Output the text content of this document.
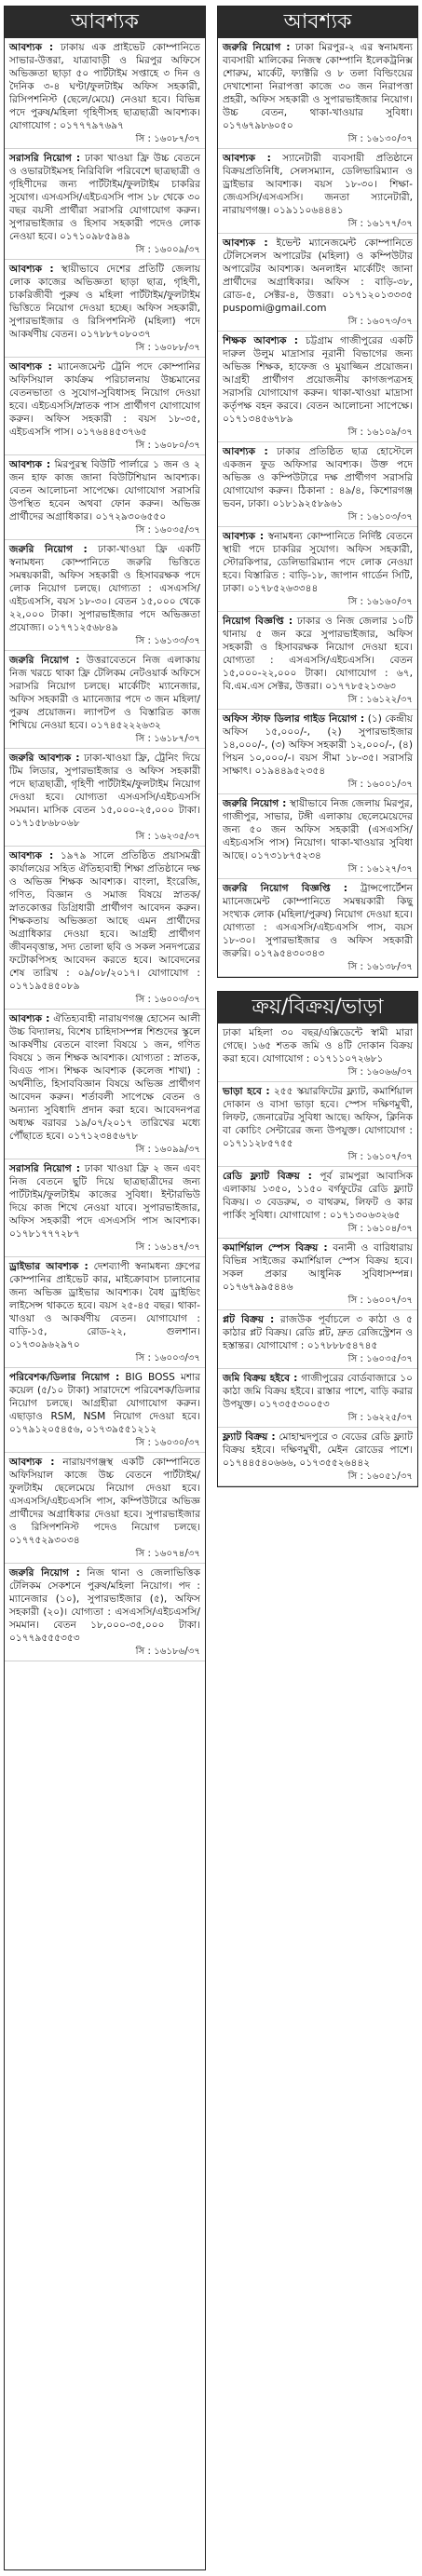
আবশ্যক
আবশ্যক : ঢাকায় এক প্রাইভেট কোম্পানিতে সাভার-উত্তরা, যাত্রাবাড়ী ও মিরপুর অফিসে অভিজ্ঞতা ছাড়া ৫০ পার্টটাইম সপ্তাহে ৩ দিন ও দৈনিক ৩-৪ ঘণ্টা/ফুলটাইম অফিস সহকারী, রিসিপশনিস্ট (ছেলে/মেয়ে) নেওয়া হবে। বিভিন্ন পদে পুরুষ/মহিলা গৃহিণীসহ ছাত্রছাত্রী আবশ্যক। যোগাযোগ : ০১৭৭৭৯৭৬৯৭
সি : ১৬০৮৭/৩৭
সরাসরি নিয়োগ : ঢাকা খাওয়া ফ্রি উচ্চ বেতনে ও ওভারটাইমসহ নিরিবিলি পরিবেশে ছাত্রছাত্রী ও গৃহিণীদের জন্য পার্টটাইম/ফুলটাইম চাকরির সুযোগ। এসএসসি/এইচএসসি পাস ১৮ থেকে ৩০ বছর বয়সী প্রার্থীরা সরাসরি যোগাযোগ করুন। সুপারভাইজার ও হিসাব সহকারী পদেও লোক নেওয়া হবে। ০১৭১০৯৮৫৯৪৯
সি : ১৬০০৯/৩৭
আবশ্যক : স্থায়ীভাবে দেশের প্রতিটি জেলায় লোক কাজের অভিজ্ঞতা ছাড়া ছাত্র, গৃহিণী, চাকরিজীবী পুরুষ ও মহিলা পার্টটাইম/ফুলটাইম ভিত্তিতে নিয়োগ দেওয়া হচ্ছে। অফিস সহকারী, সুপারভাইজার ও রিসিপশনিস্ট (মহিলা) পদে আকর্ষণীয় বেতন। ০১৭৮৮৭০৮০৩৭
সি : ১৬০৮৮/৩৭
আবশ্যক : ম্যানেজমেন্ট ট্রেনি পদে কোম্পানির অফিসিয়াল কার্যক্রম পরিচালনায় উচ্চমানের বেতনভাতা ও সুযোগ-সুবিধাসহ নিয়োগ দেওয়া হবে। এইচএসসি/স্নাতক পাস প্রার্থীগণ যোগাযোগ করুন। অফিস সহকারী : বয়স ১৮-৩৫, এইচএসসি পাস। ০১৭৬৪৪৫৩৭৬৫
সি : ১৬০৮০/৩৭
আবশ্যক : মিরপুরস্থ বিউটি পার্লারে ১ জন ও ২ জন হাফ কাজ জানা বিউটিশিয়ান আবশ্যক। বেতন আলোচনা সাপেক্ষে। যোগাযোগ সরাসরি উপস্থিত হবেন অথবা ফোন করুন। অভিজ্ঞ প্রার্থীদের অগ্রাধিকার। ০১৭২৯৩০৬৫৫০
সি : ১৬০৩৫/৩৭
জরুরি নিয়োগ : ঢাকা-খাওয়া ফ্রি একটি স্বনামধন্য কোম্পানিতে জরুরি ভিত্তিতে সমন্বয়কারী, অফিস সহকারী ও হিসাবরক্ষক পদে লোক নিয়োগ চলছে। যোগ্যতা : এসএসসি/এইচএসসি, বয়স ১৮-৩০। বেতন ১৫,০০০ থেকে ২২,০০০ টাকা। সুপারভাইজার পদে অভিজ্ঞতা প্রযোজ্য। ০১৭৭১২৫৬৮৪৯
সি : ১৬১৩৩/৩৭
জরুরি নিয়োগ : উত্তরাবেতনে নিজ এলাকায় নিজ খরচে থাকা ফ্রি টেলিকম নেটওয়ার্ক অফিসে সরাসরি নিয়োগ চলছে। মার্কেটিং ম্যানেজার, অফিস সহকারী ও ম্যানেজার পদে ৩ জন মহিলা/পুরুষ প্রয়োজন। ল্যাপটপ ও বিস্তারিত কাজ শিখিয়ে নেওয়া হবে। ০১৭৪৫২২২৬৩২
সি : ১৬১৮৭/৩৭
জরুরি আবশ্যক : ঢাকা-খাওয়া ফ্রি, ট্রেনিং দিয়ে টিম লিডার, সুপারভাইজার ও অফিস সহকারী পদে ছাত্রছাত্রী, গৃহিণী পার্টটাইম/ফুলটাইম নিয়োগ দেওয়া হবে। যোগ্যতা এসএসসি/এইচএসসি সমমান। মাসিক বেতন ১৫,০০০-২৫,০০০ টাকা। ০১৭১৫৮৬৮০৬৮
সি : ১৬২৩৫/৩৭
আবশ্যক : ১৯৭৯ সালে প্রতিষ্ঠিত প্রয়াসমন্ত্রী কার্যালয়ের সহিত ঐতিহ্যবাহী শিক্ষা প্রতিষ্ঠানে দক্ষ ও অভিজ্ঞ শিক্ষক আবশ্যক। বাংলা, ইংরেজি, গণিত, বিজ্ঞান ও সমাজ বিষয়ে স্নাতক/স্নাতকোত্তর ডিগ্রিধারী প্রার্থীগণ আবেদন করুন। শিক্ষকতায় অভিজ্ঞতা আছে এমন প্রার্থীদের অগ্রাধিকার দেওয়া হবে। আগ্রহী প্রার্থীগণ জীবনবৃত্তান্ত, সদ্য তোলা ছবি ও সকল সনদপত্রের ফটোকপিসহ আবেদন করতে হবে। আবেদনের শেষ তারিখ : ০৯/০৮/২০১৭। যোগাযোগ : ০১৭১৯৫৪৫০৮৯
সি : ১৬০০৩/৩৭
আবশ্যক : ঐতিহ্যবাহী নারায়ণগঞ্জ হোসেন আলী উচ্চ বিদ্যালয়, বিশেষ চাহিদাসম্পন্ন শিশুদের স্কুলে আকর্ষণীয় বেতনে বাংলা বিষয়ে ১ জন, গণিত বিষয়ে ১ জন শিক্ষক আবশ্যক। যোগ্যতা : স্নাতক, বিএড পাস। শিক্ষক আবশ্যক (কলেজ শাখা) : অর্থনীতি, হিসাববিজ্ঞান বিষয়ে অভিজ্ঞ প্রার্থীগণ আবেদন করুন। শর্তাবলী সাপেক্ষে বেতন ও অন্যান্য সুবিধাদি প্রদান করা হবে। আবেদনপত্র অধ্যক্ষ বরাবর ১৯/০৭/২০১৭ তারিখের মধ্যে পৌঁছাতে হবে। ০১৭১২৩৪৫৬৭৮
সি : ১৬০৯৯/৩৭
সরাসরি নিয়োগ : ঢাকা খাওয়া ফ্রি ২ জন এবং নিজ বেতনে ছুটি দিয়ে ছাত্রছাত্রীদের জন্য পার্টটাইম/ফুলটাইম কাজের সুবিধা। ইন্টারভিউ দিয়ে কাজ শিখে নেওয়া যাবে। সুপারভাইজার, অফিস সহকারী পদে এসএসসি পাস আবশ্যক। ০১৭৮১৭৭৭২৮৭
সি : ১৬১৪৭/৩৭
ড্রাইভার আবশ্যক : দেশব্যাপী স্বনামধন্য গ্রুপের কোম্পানির প্রাইভেট কার, মাইক্রোবাস চালানোর জন্য অভিজ্ঞ ড্রাইভার আবশ্যক। বৈধ ড্রাইভিং লাইসেন্স থাকতে হবে। বয়স ২৫-৪৫ বছর। থাকা-খাওয়া ও আকর্ষণীয় বেতন। যোগাযোগ : বাড়ি-১৫, রোড-২২, গুলশান। ০১৭৩০৯৬২৯৭০
সি : ১৬০০৩/৩৭
পরিবেশক/ডিলার নিয়োগ : BIG BOSS মশার কয়েল (৫/১০ টাকা) সারাদেশে পরিবেশক/ডিলার নিয়োগ চলছে। আগ্রহীরা যোগাযোগ করুন। এছাড়াও RSM, NSM নিয়োগ দেওয়া হবে। ০১৭৯১২০৫৪৫৬, ০১৭৩৯৫৫১২১২
সি : ১৬০৩০/৩৭
আবশ্যক : নারায়ণগঞ্জস্থ একটি কোম্পানিতে অফিসিয়াল কাজে উচ্চ বেতনে পার্টটাইম/ফুলটাইম ছেলেমেয়ে নিয়োগ দেওয়া হবে। এসএসসি/এইচএসসি পাস, কম্পিউটারে অভিজ্ঞ প্রার্থীদের অগ্রাধিকার দেওয়া হবে। সুপারভাইজার ও রিসিপশনিস্ট পদেও নিয়োগ চলছে। ০১৭৭৫২৯৩০৩৪
সি : ১৬০৭৪/৩৭
জরুরি নিয়োগ : নিজ থানা ও জেলাভিত্তিক টেলিকম সেকশনে পুরুষ/মহিলা নিয়োগ। পদ : ম্যানেজার (১০), সুপারভাইজার (৫), অফিস সহকারী (২০)। যোগ্যতা : এসএসসি/এইচএসসি/সমমান। বেতন ১৮,০০০-৩৫,০০০ টাকা। ০১৭৭৯৫৫৫৩৫৩
সি : ১৬১৮৬/৩৭
আবশ্যক
জরুরি নিয়োগ : ঢাকা মিরপুর-২ এর স্বনামধন্য ব্যবসায়ী মালিকের নিজস্ব কোম্পানি ইলেকট্রনিক্স শোরুম, মার্কেট, ফ্যাক্টরি ও ৮ তলা বিল্ডিংয়ের দেখাশোনা নিরাপত্তা কাজে ৩০ জন নিরাপত্তা প্রহরী, অফিস সহকারী ও সুপারভাইজার নিয়োগ। উচ্চ বেতন, থাকা-খাওয়ার সুবিধা। ০১৭৬৭৯৮৬০৫০
সি : ১৬১৩০/৩৭
আবশ্যক : স্যানেটারী ব্যবসায়ী প্রতিষ্ঠানে বিক্রয়প্রতিনিধি, সেলসম্যান, ডেলিভারিম্যান ও ড্রাইভার আবশ্যক। বয়স ১৮-৩০। শিক্ষা-জেএসসি/এসএসসি। জনতা স্যানেটারী, নারায়ণগঞ্জ। ০১৯১১০৬৪৪৪১
সি : ১৬১৭৭/৩৭
আবশ্যক : ইভেন্ট ম্যানেজমেন্ট কোম্পানিতে টেলিসেলস অপারেটর (মহিলা) ও কম্পিউটার অপারেটর আবশ্যক। অনলাইন মার্কেটিং জানা প্রার্থীদের অগ্রাধিকার। অফিস : বাড়ি-৩৮, রোড-৫, সেক্টর-৪, উত্তরা। ০১৭১২০১৩৩৩৫ puspomi@gmail.com
সি : ১৬০৭৩/৩৭
শিক্ষক আবশ্যক : চট্টগ্রাম গাজীপুরের একটি দারুল উলুম মাদ্রাসার নূরানী বিভাগের জন্য অভিজ্ঞ শিক্ষক, হাফেজ ও মুয়াজ্জিন প্রয়োজন। আগ্রহী প্রার্থীগণ প্রয়োজনীয় কাগজপত্রসহ সরাসরি যোগাযোগ করুন। থাকা-খাওয়া মাদ্রাসা কর্তৃপক্ষ বহন করবে। বেতন আলোচনা সাপেক্ষে। ০১৭১৩৪৫৬৭৮৯
সি : ১৬১০৯/৩৭
আবশ্যক : ঢাকার প্রতিষ্ঠিত ছাত্র হোস্টেলে একজন ফুড অফিসার আবশ্যক। উক্ত পদে অভিজ্ঞ ও কম্পিউটারে দক্ষ প্রার্থীগণ সরাসরি যোগাযোগ করুন। ঠিকানা : ৪৯/৪, কিশোরগঞ্জ ভবন, ঢাকা। ০১৮১৯২৫৮৯৬১
সি : ১৬১০৩/৩৭
আবশ্যক : স্বনামধন্য কোম্পানিতে নির্দিষ্ট বেতনে স্থায়ী পদে চাকরির সুযোগ। অফিস সহকারী, স্টোরকিপার, ডেলিভারিম্যান পদে লোক নেওয়া হবে। বিস্তারিত : বাড়ি-১৮, জাপান গার্ডেন সিটি, ঢাকা। ০১৭৮৫২৬৩৩৪৪
সি : ১৬১৬০/৩৭
নিয়োগ বিজ্ঞপ্তি : ঢাকার ও নিজ জেলার ১০টি থানায় ৫ জন করে সুপারভাইজার, অফিস সহকারী ও হিসাবরক্ষক নিয়োগ দেওয়া হবে। যোগ্যতা : এসএসসি/এইচএসসি। বেতন ১৫,০০০-২২,০০০ টাকা। যোগাযোগ : ৬৭, বি.এম.এস সেক্টর, উত্তরা। ০১৭৭৮৫২১৩৬৩
সি : ১৬১২২/৩৭
অফিস স্টাফ ডিলার গাইড নিয়োগ : (১) কেন্দ্রীয় অফিস ১৫,০০০/-, (২) সুপারভাইজার ১৪,০০০/-, (৩) অফিস সহকারী ১২,০০০/-, (৪) পিয়ন ১০,০০০/-। বয়স সীমা ১৮-৩৫। সরাসরি সাক্ষাৎ। ০১৯৪৪৯৫২৩৫৪
সি : ১৬০০১/৩৭
জরুরি নিয়োগ : স্থায়ীভাবে নিজ জেলায় মিরপুর, গাজীপুর, সাভার, টঙ্গী এলাকায় ছেলেমেয়েদের জন্য ৫০ জন অফিস সহকারী (এসএসসি/এইচএসসি পাস) নিয়োগ। থাকা-খাওয়ার সুবিধা আছে। ০১৭৩১৮৭৫২৩৪
সি : ১৬১২৭/৩৭
জরুরি নিয়োগ বিজ্ঞপ্তি : ট্রান্সপোর্টেশন ম্যানেজমেন্ট কোম্পানিতে সমন্বয়কারী কিছু সংখ্যক লোক (মহিলা/পুরুষ) নিয়োগ দেওয়া হবে। যোগ্যতা : এসএসসি/এইচএসসি পাস, বয়স ১৮-৩০। সুপারভাইজার ও অফিস সহকারী জরুরি। ০১৭৯৫৪৩০৩৪৩
সি : ১৬১৩৮/৩৭
ক্রয়/বিক্রয়/ভাড়া
ঢাকা মহিলা ৩০ বছর/এক্সিডেন্টে স্বামী মারা গেছে। ১৬৫ শতক জমি ও ৪টি দোকান বিক্রয় করা হবে। যোগাযোগ : ০১৭১১০৭২৬৮১
সি : ১৬০৬৬/৩৭
ভাড়া হবে : ২৫৫ স্কয়ারফিটের ফ্ল্যাট, কমার্শিয়াল দোকান ও বাসা ভাড়া হবে। স্পেস দক্ষিণমুখী, লিফট, জেনারেটর সুবিধা আছে। অফিস, ক্লিনিক বা কোচিং সেন্টারের জন্য উপযুক্ত। যোগাযোগ : ০১৭১১২৮৫৭৫৫
সি : ১৬১০৭/৩৭
রেডি ফ্ল্যাট বিক্রয় : পূর্ব রামপুরা আবাসিক এলাকায় ১৩৫০, ১১৫০ বর্গফুটের রেডি ফ্ল্যাট বিক্রয়। ৩ বেডরুম, ৩ বাথরুম, লিফট ও কার পার্কিং সুবিধা। যোগাযোগ : ০১৭১৩০৬৩২৬৫
সি : ১৬১০৪/৩৭
কমার্শিয়াল স্পেস বিক্রয় : বনানী ও বারিধারায় বিভিন্ন সাইজের কমার্শিয়াল স্পেস বিক্রয় হবে। সকল প্রকার আধুনিক সুবিধাসম্পন্ন। ০১৭৬৭৯৯৫৪৪৬
সি : ১৬০০৭/৩৭
প্লট বিক্রয় : রাজউক পূর্বাচলে ৩ কাঠা ও ৫ কাঠার প্লট বিক্রয়। রেডি প্লট, দ্রুত রেজিস্ট্রেশন ও হস্তান্তর। যোগাযোগ : ০১৭৮৮৮৫৪৭৪৫
সি : ১৬০৩৫/৩৭
জমি বিক্রয় হইবে : গাজীপুরের বোর্ডবাজারে ১০ কাঠা জমি বিক্রয় হইবে। রাস্তার পাশে, বাড়ি করার উপযুক্ত। ০১৭৩৫৫৩০০৫৩
সি : ১৬২২৫/৩৭
ফ্ল্যাট বিক্রয় : মোহাম্মদপুরে ৩ বেডের রেডি ফ্ল্যাট বিক্রয় হইবে। দক্ষিণমুখী, মেইন রোডের পাশে। ০১৭৪৪৫৪০৬৬৬, ০১৭৩৫৫২৬৪৪২
সি : ১৬০৫১/৩৭
